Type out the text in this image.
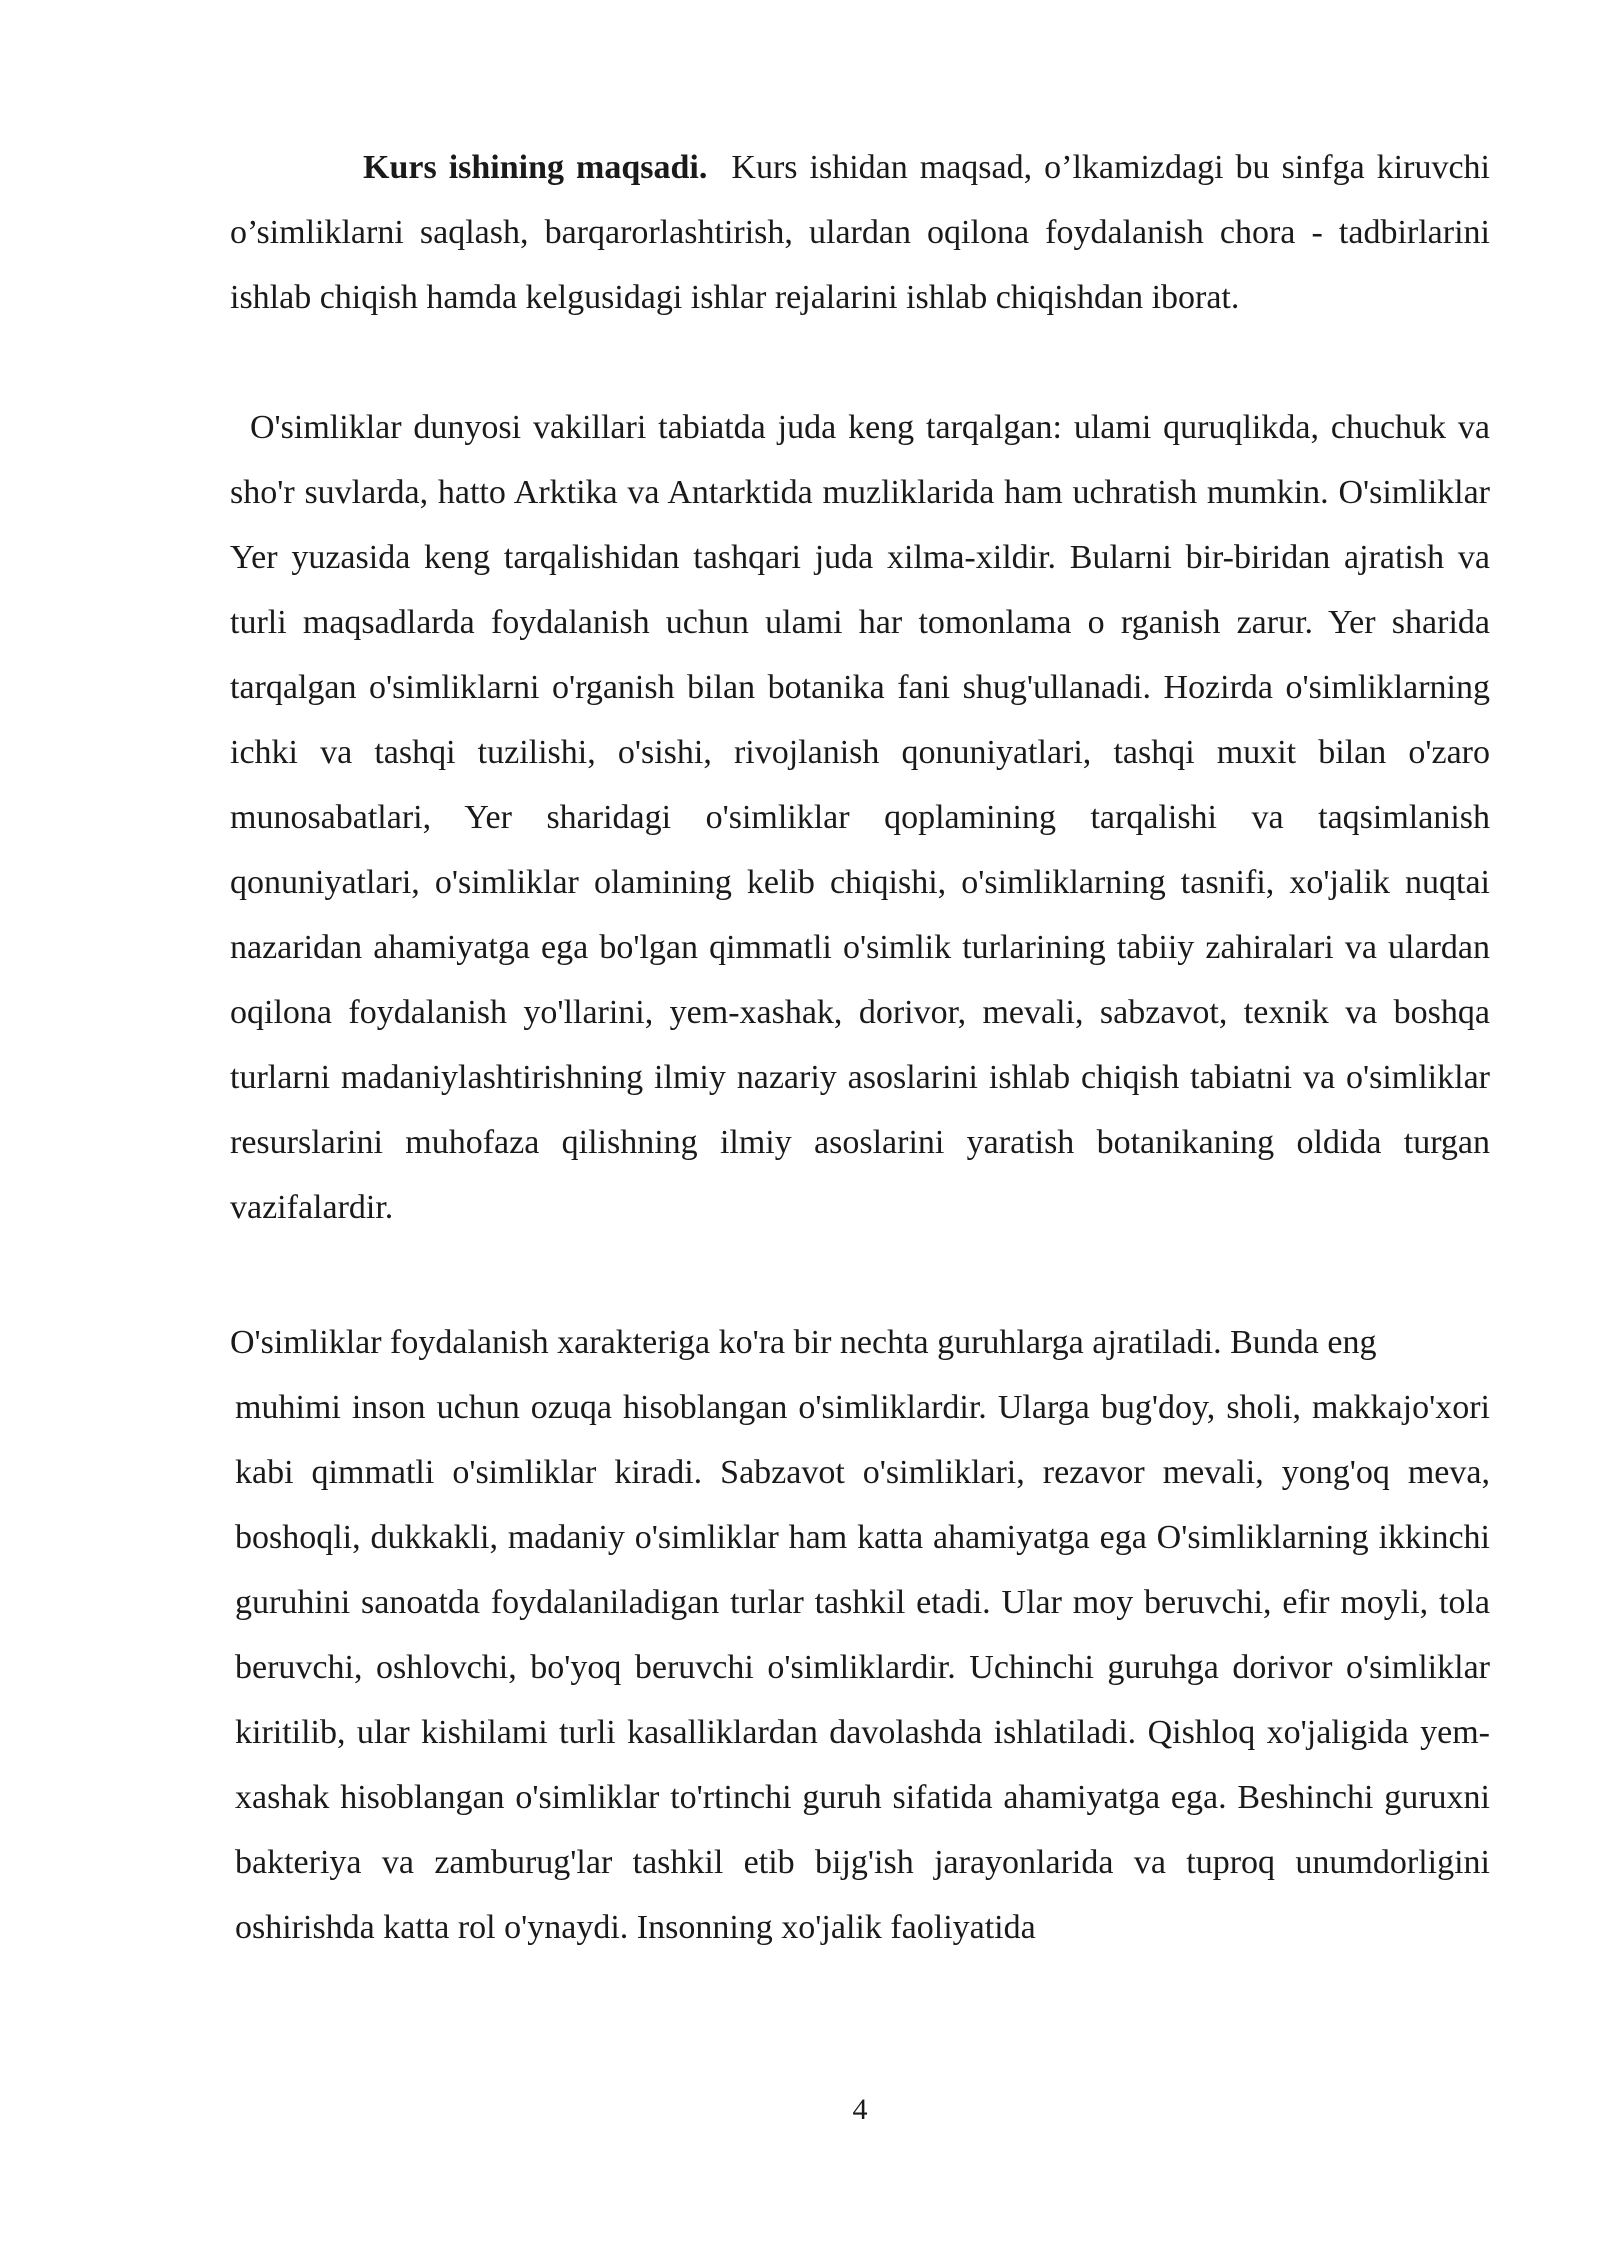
Kurs ishining maqsadi. Kurs ishidan maqsad, o’lkamizdagi bu sinfga kiruvchi o’simliklarni saqlash, barqarorlashtirish, ulardan oqilona foydalanish chora - tadbirlarini ishlab chiqish hamda kelgusidagi ishlar rejalarini ishlab chiqishdan iborat.

O'simliklar dunyosi vakillari tabiatda juda keng tarqalgan: ulami quruqlikda, chuchuk va sho'r suvlarda, hatto Arktika va Antarktida muzliklarida ham uchratish mumkin. O'simliklar Yer yuzasida keng tarqalishidan tashqari juda xilma-xildir. Bularni bir-biridan ajratish va turli maqsadlarda foydalanish uchun ulami har tomonlama o rganish zarur. Yer sharida tarqalgan o'simliklarni o'rganish bilan botanika fani shug'ullanadi. Hozirda o'simliklarning ichki va tashqi tuzilishi, o'sishi, rivojlanish qonuniyatlari, tashqi muxit bilan o'zaro munosabatlari, Yer sharidagi o'simliklar qoplamining tarqalishi va taqsimlanish qonuniyatlari, o'simliklar olamining kelib chiqishi, o'simliklarning tasnifi, xo'jalik nuqtai nazaridan ahamiyatga ega bo'lgan qimmatli o'simlik turlarining tabiiy zahiralari va ulardan oqilona foydalanish yo'llarini, yem-xashak, dorivor, mevali, sabzavot, texnik va boshqa turlarni madaniylashtirishning ilmiy nazariy asoslarini ishlab chiqish tabiatni va o'simliklar resurslarini muhofaza qilishning ilmiy asoslarini yaratish botanikaning oldida turgan vazifalardir.

O'simliklar foydalanish xarakteriga ko'ra bir nechta guruhlarga ajratiladi. Bunda eng

muhimi inson uchun ozuqa hisoblangan o'simliklardir. Ularga bug'doy, sholi, makkajo'xori kabi qimmatli o'simliklar kiradi. Sabzavot o'simliklari, rezavor mevali, yong'oq meva, boshoqli, dukkakli, madaniy o'simliklar ham katta ahamiyatga ega O'simliklarning ikkinchi guruhini sanoatda foydalaniladigan turlar tashkil etadi. Ular moy beruvchi, efir moyli, tola beruvchi, oshlovchi, bo'yoq beruvchi o'simliklardir. Uchinchi guruhga dorivor o'simliklar kiritilib, ular kishilami turli kasalliklardan davolashda ishlatiladi. Qishloq xo'jaligida yem-xashak hisoblangan o'simliklar to'rtinchi guruh sifatida ahamiyatga ega. Beshinchi guruxni bakteriya va zamburug'lar tashkil etib bijg'ish jarayonlarida va tuproq unumdorligini oshirishda katta rol o'ynaydi. Insonning xo'jalik faoliyatida

4
